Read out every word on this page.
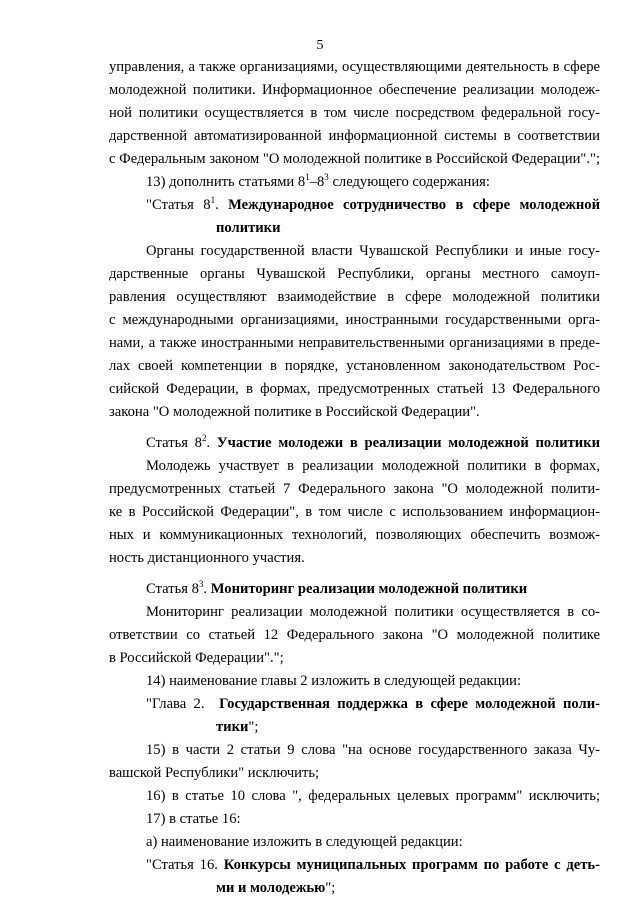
5
управления, а также организациями, осуществляющими деятельность в сфере
молодежной политики. Информационное обеспечение реализации молодеж-
ной политики осуществляется в том числе посредством федеральной госу-
дарственной автоматизированной информационной системы в соответствии
с Федеральным законом "О молодежной политике в Российской Федерации".";
13) дополнить статьями $8^1-8^3$ следующего содержания:
"Статья $8^1$. Международное сотрудничество в сфере молодежной
политики
Органы государственной власти Чувашской Республики и иные госу-
дарственные органы Чувашской Республики, органы местного самоуп-
равления осуществляют взаимодействие в сфере молодежной политики
с международными организациями, иностранными государственными орга-
нами, а также иностранными неправительственными организациями в преде-
лах своей компетенции в порядке, установленном законодательством Рос-
сийской Федерации, в формах, предусмотренных статьей 13 Федерального
закона "О молодежной политике в Российской Федерации".
Статья $8^2$. Участие молодежи в реализации молодежной политики
Молодежь участвует в реализации молодежной политики в формах,
предусмотренных статьей 7 Федерального закона "О молодежной полити-
ке в Российской Федерации", в том числе с использованием информацион-
ных и коммуникационных технологий, позволяющих обеспечить возмож-
ность дистанционного участия.
Статья $8^3$. Мониторинг реализации молодежной политики
Мониторинг реализации молодежной политики осуществляется в со-
ответствии со статьей 12 Федерального закона "О молодежной политике
в Российской Федерации".";
14) наименование главы 2 изложить в следующей редакции:
"Глава 2.  Государственная поддержка в сфере молодежной поли-
тики";
15) в части 2 статьи 9 слова "на основе государственного заказа Чу-
вашской Республики" исключить;
16) в статье 10 слова ", федеральных целевых программ" исключить;
17) в статье 16:
а) наименование изложить в следующей редакции:
"Статья 16. Конкурсы муниципальных программ по работе с деть-
ми и молодежью";
